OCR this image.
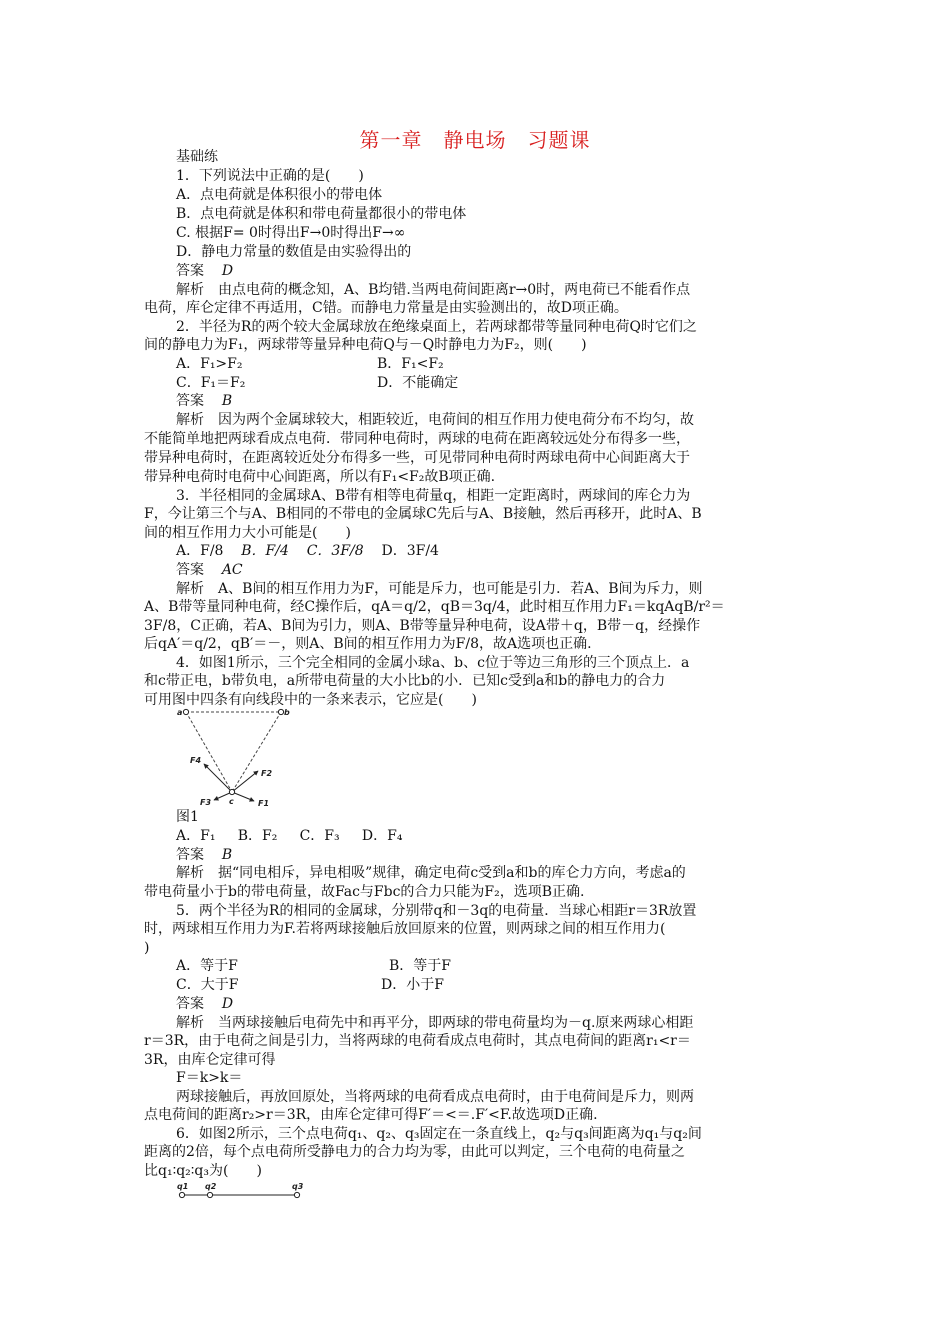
第一章　静电场　习题课
基础练
1．下列说法中正确的是(　　)
A．点电荷就是体积很小的带电体
B．点电荷就是体积和带电荷量都很小的带电体
C. 根据F= 0时得出F→0时得出F→∞
D．静电力常量的数值是由实验得出的
答案 D
解析　由点电荷的概念知，A、B均错.当两电荷间距离r→0时，两电荷已不能看作点
电荷，库仑定律不再适用，C错。而静电力常量是由实验测出的，故D项正确。
2．半径为R的两个较大金属球放在绝缘桌面上，若两球都带等量同种电荷Q时它们之
间的静电力为F₁，两球带等量异种电荷Q与－Q时静电力为F₂，则(　　)
A．F₁>F₂	B．F₁<F₂
C．F₁＝F₂	D．不能确定
答案 B
解析　因为两个金属球较大，相距较近，电荷间的相互作用力使电荷分布不均匀，故
不能简单地把两球看成点电荷．带同种电荷时，两球的电荷在距离较远处分布得多一些，
带异种电荷时，在距离较近处分布得多一些，可见带同种电荷时两球电荷中心间距离大于
带异种电荷时电荷中心间距离，所以有F₁<F₂故B项正确.
3．半径相同的金属球A、B带有相等电荷量q，相距一定距离时，两球间的库仑力为
F，今让第三个与A、B相同的不带电的金属球C先后与A、B接触，然后再移开，此时A、B
间的相互作用力大小可能是(　　)
A．F/8 B．F/4 C．3F/8 D．3F/4
答案 AC
解析　A、B间的相互作用力为F，可能是斥力，也可能是引力．若A、B间为斥力，则
A、B带等量同种电荷，经C操作后，qA＝q/2，qB＝3q/4，此时相互作用力F₁＝kqAqB/r²＝
3F/8，C正确，若A、B间为引力，则A、B带等量异种电荷，设A带＋q，B带－q，经操作
后qA′＝q/2，qB′＝－，则A、B间的相互作用力为F/8，故A选项也正确.
4．如图1所示，三个完全相同的金属小球a、b、c位于等边三角形的三个顶点上．a
和c带正电，b带负电，a所带电荷量的大小比b的小．已知c受到a和b的静电力的合力
可用图中四条有向线段中的一条来表示，它应是(　　)
a	b
c
F4
F2
F3	F1
图1
A．F₁ B．F₂ C．F₃ D．F₄
答案 B
解析　据“同电相斥，异电相吸”规律，确定电荷c受到a和b的库仑力方向，考虑a的
带电荷量小于b的带电荷量，故Fac与Fbc的合力只能为F₂，选项B正确.
5．两个半径为R的相同的金属球，分别带q和－3q的电荷量．当球心相距r＝3R放置
时，两球相互作用力为F.若将两球接触后放回原来的位置，则两球之间的相互作用力(
)
A．等于F	B．等于F
C．大于F	D．小于F
答案 D
解析　当两球接触后电荷先中和再平分，即两球的带电荷量均为－q.原来两球心相距
r＝3R，由于电荷之间是引力，当将两球的电荷看成点电荷时，其点电荷间的距离r₁<r＝
3R，由库仑定律可得
F＝k>k＝
两球接触后，再放回原处，当将两球的电荷看成点电荷时，由于电荷间是斥力，则两
点电荷间的距离r₂>r＝3R，由库仑定律可得F′＝<＝.F′<F.故选项D正确.
6．如图2所示，三个点电荷q₁、q₂、q₃固定在一条直线上，q₂与q₃间距离为q₁与q₂间
距离的2倍，每个点电荷所受静电力的合力均为零，由此可以判定，三个电荷的电荷量之
比q₁∶q₂∶q₃为(　　)
q1 q2	q3
